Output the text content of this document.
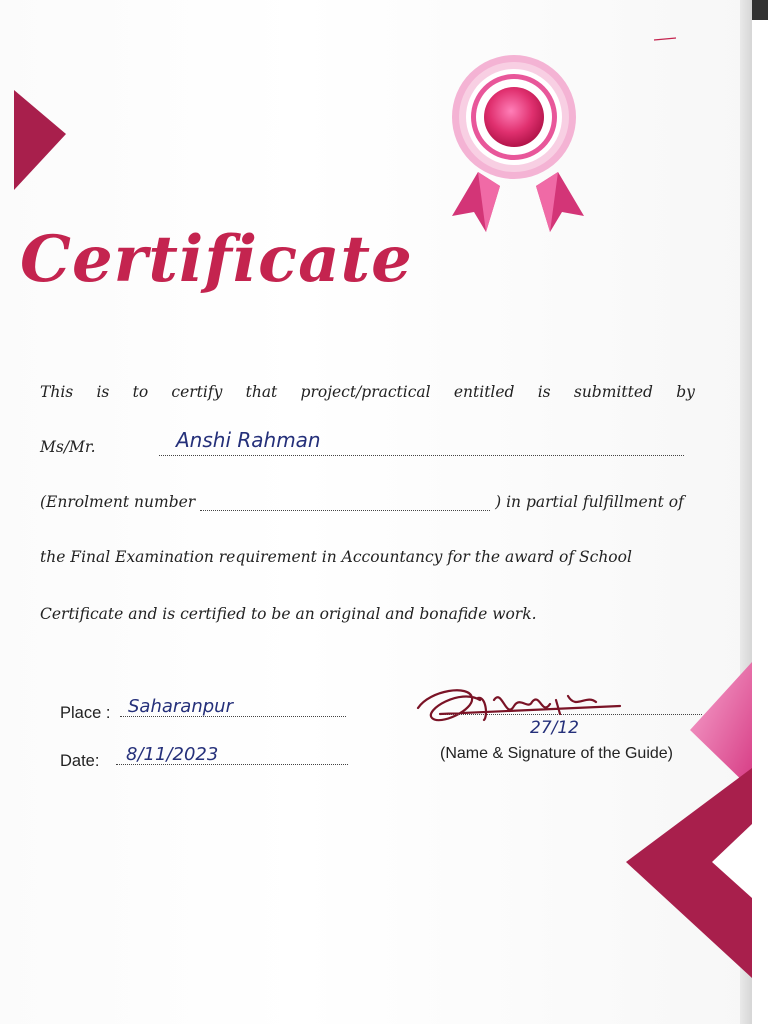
Certificate
This is to certify that project/practical entitled is submitted by
Ms/Mr.	Anshi Rahman
(Enrolment number	) in partial fulfillment of
the Final Examination requirement in Accountancy for the award of School
Certificate and is certified to be an original and bonafide work.
Place : Saharanpur
Date: 8/11/2023
27/12
(Name & Signature of the Guide)
